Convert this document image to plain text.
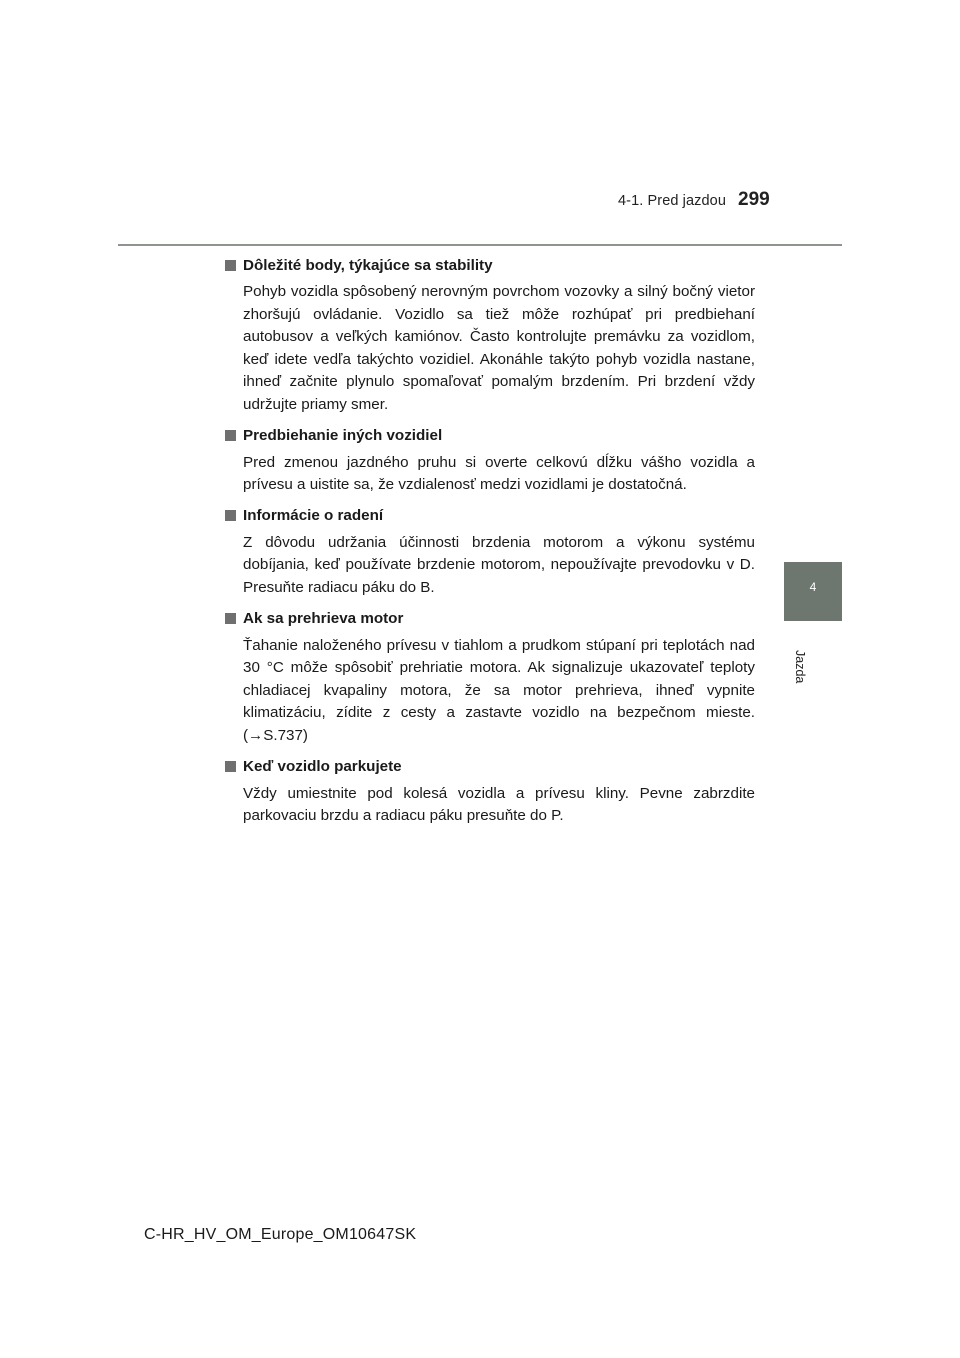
4-1. Pred jazdou 299
4
Jazda
Dôležité body, týkajúce sa stability
Pohyb vozidla spôsobený nerovným povrchom vozovky a silný bočný vietor zhoršujú ovládanie. Vozidlo sa tiež môže rozhúpať pri predbiehaní autobusov a veľkých kamiónov. Často kontrolujte premávku za vozidlom, keď idete vedľa takýchto vozidiel. Akonáhle takýto pohyb vozidla nastane, ihneď začnite plynulo spomaľovať pomalým brzdením. Pri brzdení vždy udržujte priamy smer.
Predbiehanie iných vozidiel
Pred zmenou jazdného pruhu si overte celkovú dĺžku vášho vozidla a prívesu a uistite sa, že vzdialenosť medzi vozidlami je dostatočná.
Informácie o radení
Z dôvodu udržania účinnosti brzdenia motorom a výkonu systému dobíjania, keď používate brzdenie motorom, nepoužívajte prevodovku v D. Presuňte radiacu páku do B.
Ak sa prehrieva motor
Ťahanie naloženého prívesu v tiahlom a prudkom stúpaní pri teplotách nad 30 °C môže spôsobiť prehriatie motora. Ak signalizuje ukazovateľ teploty chladiacej kvapaliny motora, že sa motor prehrieva, ihneď vypnite klimatizáciu, zídite z cesty a zastavte vozidlo na bezpečnom mieste. (→S.737)
Keď vozidlo parkujete
Vždy umiestnite pod kolesá vozidla a prívesu kliny. Pevne zabrzdite parkovaciu brzdu a radiacu páku presuňte do P.
C-HR_HV_OM_Europe_OM10647SK
